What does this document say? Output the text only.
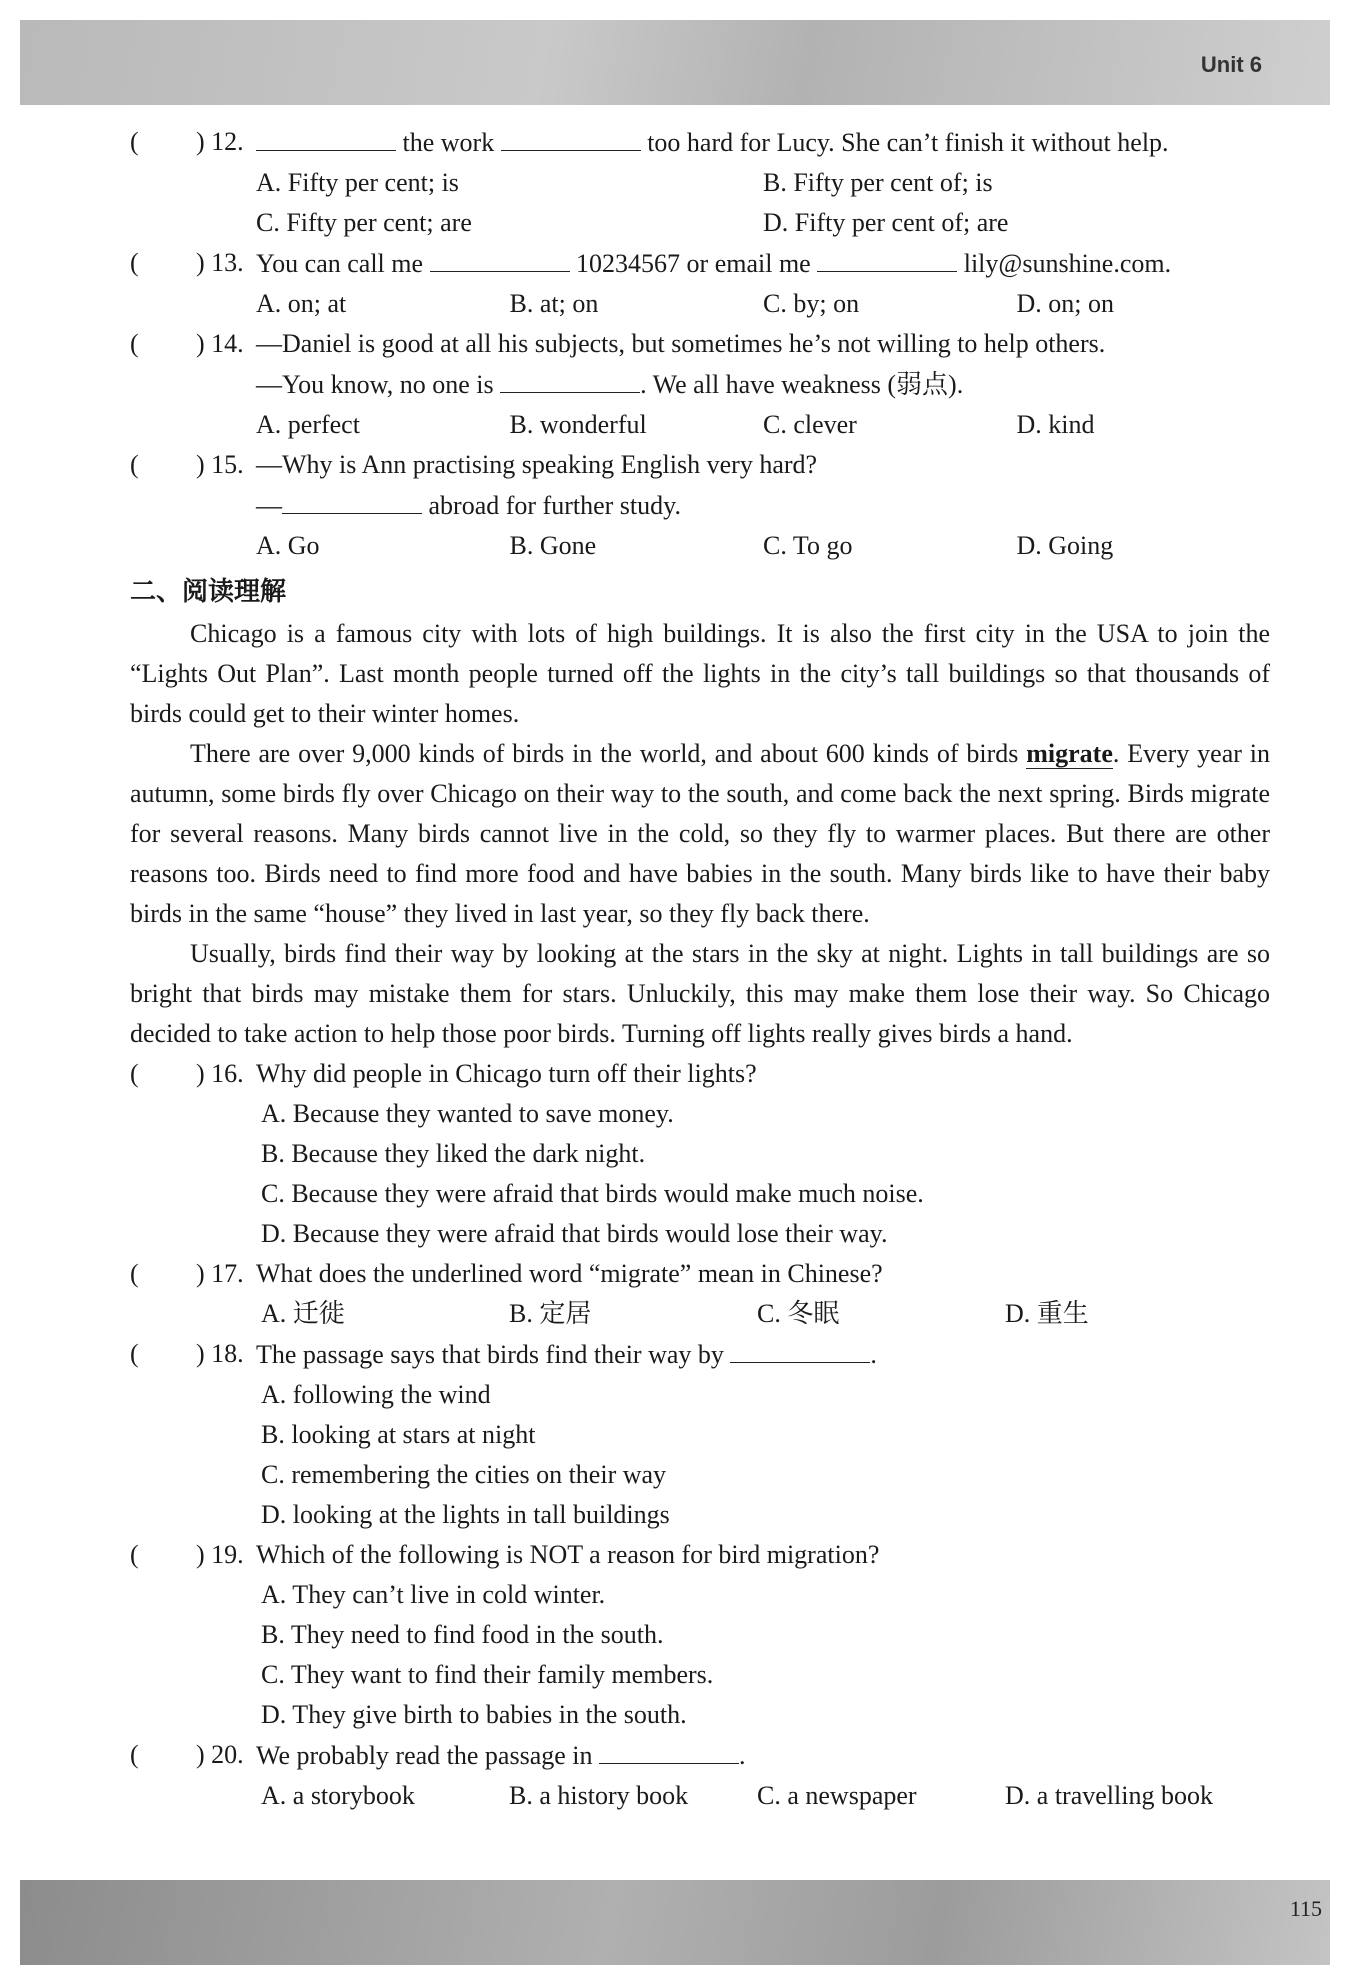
Unit 6
( ) 12.	the work	too hard for Lucy. She can’t finish it without help.
A. Fifty per cent; is	B. Fifty per cent of; is
C. Fifty per cent; are	D. Fifty per cent of; are
( ) 13. You can call me	10234567 or email me	lily@sunshine.com.
A. on; at	B. at; on	C. by; on	D. on; on
( ) 14. —Daniel is good at all his subjects, but sometimes he’s not willing to help others.
—You know, no one is	. We all have weakness (弱点).
A. perfect	B. wonderful	C. clever	D. kind
( ) 15. —Why is Ann practising speaking English very hard?
—	abroad for further study.
A. Go	B. Gone	C. To go	D. Going
二、阅读理解
Chicago is a famous city with lots of high buildings. It is also the first city in the USA to join the “Lights Out Plan”. Last month people turned off the lights in the city’s tall buildings so that thousands of birds could get to their winter homes.
There are over 9,000 kinds of birds in the world, and about 600 kinds of birds migrate. Every year in autumn, some birds fly over Chicago on their way to the south, and come back the next spring. Birds migrate for several reasons. Many birds cannot live in the cold, so they fly to warmer places. But there are other reasons too. Birds need to find more food and have babies in the south. Many birds like to have their baby birds in the same “house” they lived in last year, so they fly back there.
Usually, birds find their way by looking at the stars in the sky at night. Lights in tall buildings are so bright that birds may mistake them for stars. Unluckily, this may make them lose their way. So Chicago decided to take action to help those poor birds. Turning off lights really gives birds a hand.
( ) 16. Why did people in Chicago turn off their lights?
A. Because they wanted to save money.
B. Because they liked the dark night.
C. Because they were afraid that birds would make much noise.
D. Because they were afraid that birds would lose their way.
( ) 17. What does the underlined word “migrate” mean in Chinese?
A. 迁徙	B. 定居	C. 冬眠	D. 重生
( ) 18. The passage says that birds find their way by	.
A. following the wind
B. looking at stars at night
C. remembering the cities on their way
D. looking at the lights in tall buildings
( ) 19. Which of the following is NOT a reason for bird migration?
A. They can’t live in cold winter.
B. They need to find food in the south.
C. They want to find their family members.
D. They give birth to babies in the south.
( ) 20. We probably read the passage in	.
A. a storybook	B. a history book	C. a newspaper	D. a travelling book
115
